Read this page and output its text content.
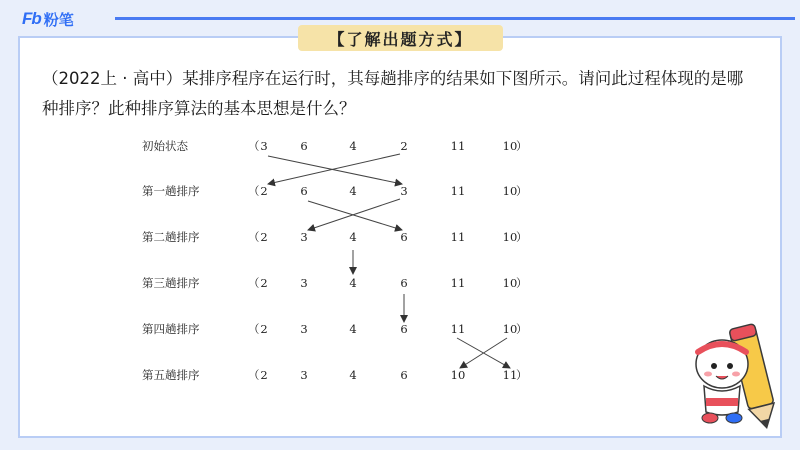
Fb 粉笔
【了解出题方式】

（2022上 · 高中）某排序程序在运行时，其每趟排序的结果如下图所示。请问此过程体现的是哪
种排序？此种排序算法的基本思想是什么？

初始状态	（ 3	6	4	2	11	10
）
第一趟排序	（ 2	6	4	3	11	10
）
第二趟排序	（ 2	3	4	6	11	10
）
第三趟排序	（ 2	3	4	6	11	10
）
第四趟排序	（ 2	3	4	6	11	10
）
第五趟排序	（ 2	3	4	6	10	11
）
